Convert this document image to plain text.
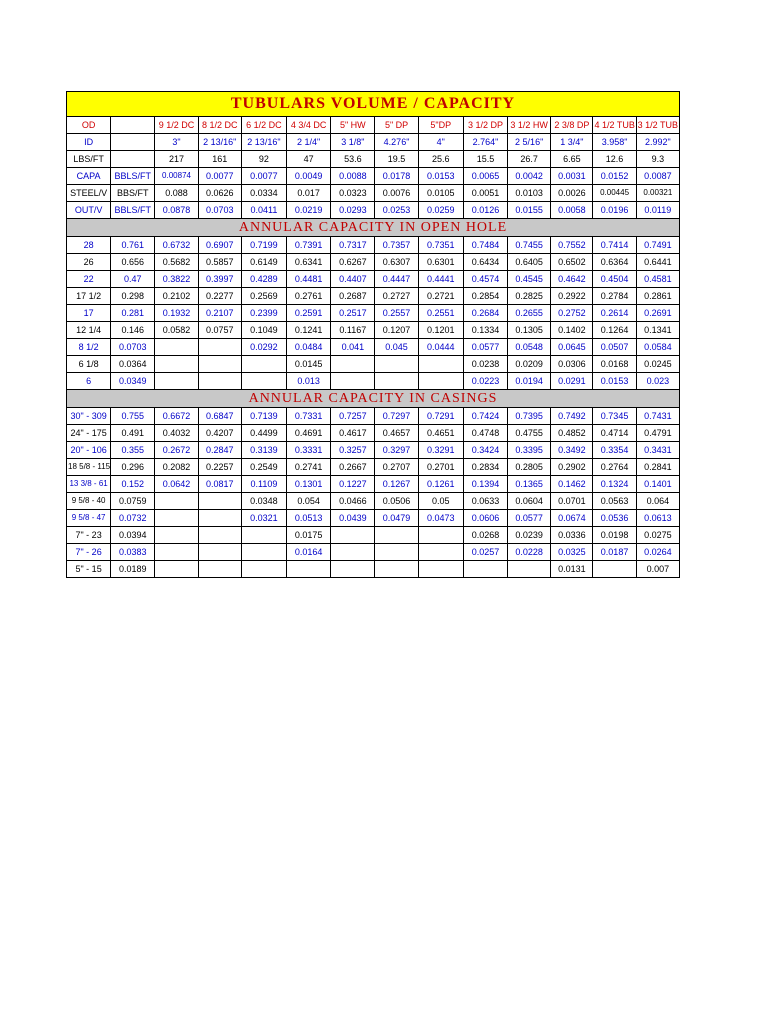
TUBULARS VOLUME / CAPACITY													
OD		9 1/2 DC	8 1/2 DC	6 1/2 DC	4 3/4 DC	5" HW	5" DP	5"DP	3 1/2 DP	3 1/2 HW	2 3/8 DP	4 1/2 TUB	3 1/2 TUB
ID		3"	2 13/16"	2 13/16"	2 1/4"	3 1/8"	4.276"	4"	2.764"	2 5/16"	1 3/4"	3.958"	2.992"
LBS/FT		217	161	92	47	53.6	19.5	25.6	15.5	26.7	6.65	12.6	9.3
CAPA	BBLS/FT	0.00874	0.0077	0.0077	0.0049	0.0088	0.0178	0.0153	0.0065	0.0042	0.0031	0.0152	0.0087
STEEL/V	BBS/FT	0.088	0.0626	0.0334	0.017	0.0323	0.0076	0.0105	0.0051	0.0103	0.0026	0.00445	0.00321
OUT/V	BBLS/FT	0.0878	0.0703	0.0411	0.0219	0.0293	0.0253	0.0259	0.0126	0.0155	0.0058	0.0196	0.0119
ANNULAR CAPACITY IN OPEN HOLE													
28	0.761	0.6732	0.6907	0.7199	0.7391	0.7317	0.7357	0.7351	0.7484	0.7455	0.7552	0.7414	0.7491
26	0.656	0.5682	0.5857	0.6149	0.6341	0.6267	0.6307	0.6301	0.6434	0.6405	0.6502	0.6364	0.6441
22	0.47	0.3822	0.3997	0.4289	0.4481	0.4407	0.4447	0.4441	0.4574	0.4545	0.4642	0.4504	0.4581
17 1/2	0.298	0.2102	0.2277	0.2569	0.2761	0.2687	0.2727	0.2721	0.2854	0.2825	0.2922	0.2784	0.2861
17	0.281	0.1932	0.2107	0.2399	0.2591	0.2517	0.2557	0.2551	0.2684	0.2655	0.2752	0.2614	0.2691
12 1/4	0.146	0.0582	0.0757	0.1049	0.1241	0.1167	0.1207	0.1201	0.1334	0.1305	0.1402	0.1264	0.1341
8 1/2	0.0703			0.0292	0.0484	0.041	0.045	0.0444	0.0577	0.0548	0.0645	0.0507	0.0584
6 1/8	0.0364				0.0145				0.0238	0.0209	0.0306	0.0168	0.0245
6	0.0349				0.013				0.0223	0.0194	0.0291	0.0153	0.023
ANNULAR CAPACITY IN CASINGS													
30" - 309	0.755	0.6672	0.6847	0.7139	0.7331	0.7257	0.7297	0.7291	0.7424	0.7395	0.7492	0.7345	0.7431
24" - 175	0.491	0.4032	0.4207	0.4499	0.4691	0.4617	0.4657	0.4651	0.4748	0.4755	0.4852	0.4714	0.4791
20" - 106	0.355	0.2672	0.2847	0.3139	0.3331	0.3257	0.3297	0.3291	0.3424	0.3395	0.3492	0.3354	0.3431
18 5/8 - 115	0.296	0.2082	0.2257	0.2549	0.2741	0.2667	0.2707	0.2701	0.2834	0.2805	0.2902	0.2764	0.2841
13 3/8 - 61	0.152	0.0642	0.0817	0.1109	0.1301	0.1227	0.1267	0.1261	0.1394	0.1365	0.1462	0.1324	0.1401
9 5/8 - 40	0.0759			0.0348	0.054	0.0466	0.0506	0.05	0.0633	0.0604	0.0701	0.0563	0.064
9 5/8 - 47	0.0732			0.0321	0.0513	0.0439	0.0479	0.0473	0.0606	0.0577	0.0674	0.0536	0.0613
7" - 23	0.0394				0.0175				0.0268	0.0239	0.0336	0.0198	0.0275
7" - 26	0.0383				0.0164				0.0257	0.0228	0.0325	0.0187	0.0264
5" - 15	0.0189										0.0131		0.007
